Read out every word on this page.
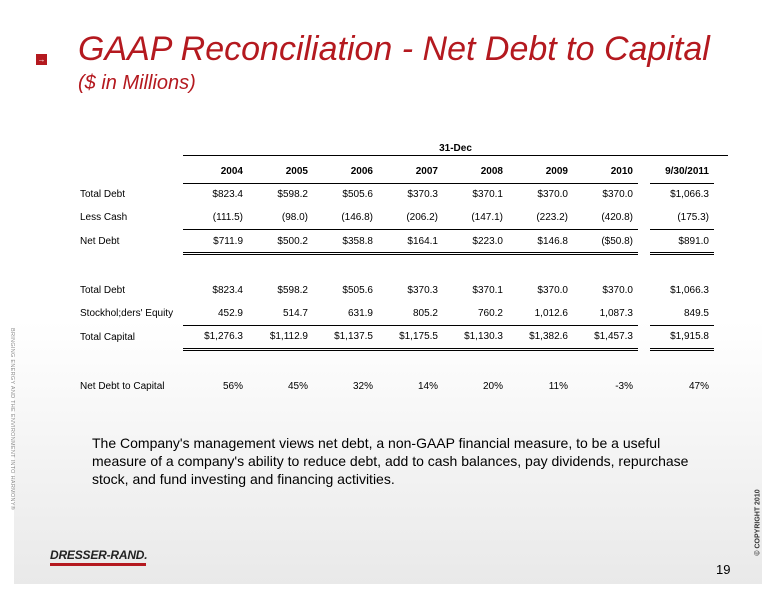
→ GAAP Reconciliation - Net Debt to Capital
($ in Millions)
31-Dec
	2004	2005	2006	2007	2008	2009	2010		9/30/2011
Total Debt	$823.4	$598.2	$505.6	$370.3	$370.1	$370.0	$370.0		$1,066.3
Less Cash	(111.5)	(98.0)	(146.8)	(206.2)	(147.1)	(223.2)	(420.8)		(175.3)
Net Debt	$711.9	$500.2	$358.8	$164.1	$223.0	$146.8	($50.8)		$891.0

Total Debt	$823.4	$598.2	$505.6	$370.3	$370.1	$370.0	$370.0		$1,066.3
Stockhol;ders' Equity	452.9	514.7	631.9	805.2	760.2	1,012.6	1,087.3		849.5
Total Capital	$1,276.3	$1,112.9	$1,137.5	$1,175.5	$1,130.3	$1,382.6	$1,457.3		$1,915.8

Net Debt to Capital	56%	45%	32%	14%	20%	11%	-3%		47%
The Company's management views net debt, a non-GAAP financial measure, to be a useful measure of a company's ability to reduce debt, add to cash balances, pay dividends, repurchase stock, and fund investing and financing activities.
BRINGING ENERGY AND THE ENVIRONMENT INTO HARMONY®
© COPYRIGHT 2010
DRESSER-RAND.
19
